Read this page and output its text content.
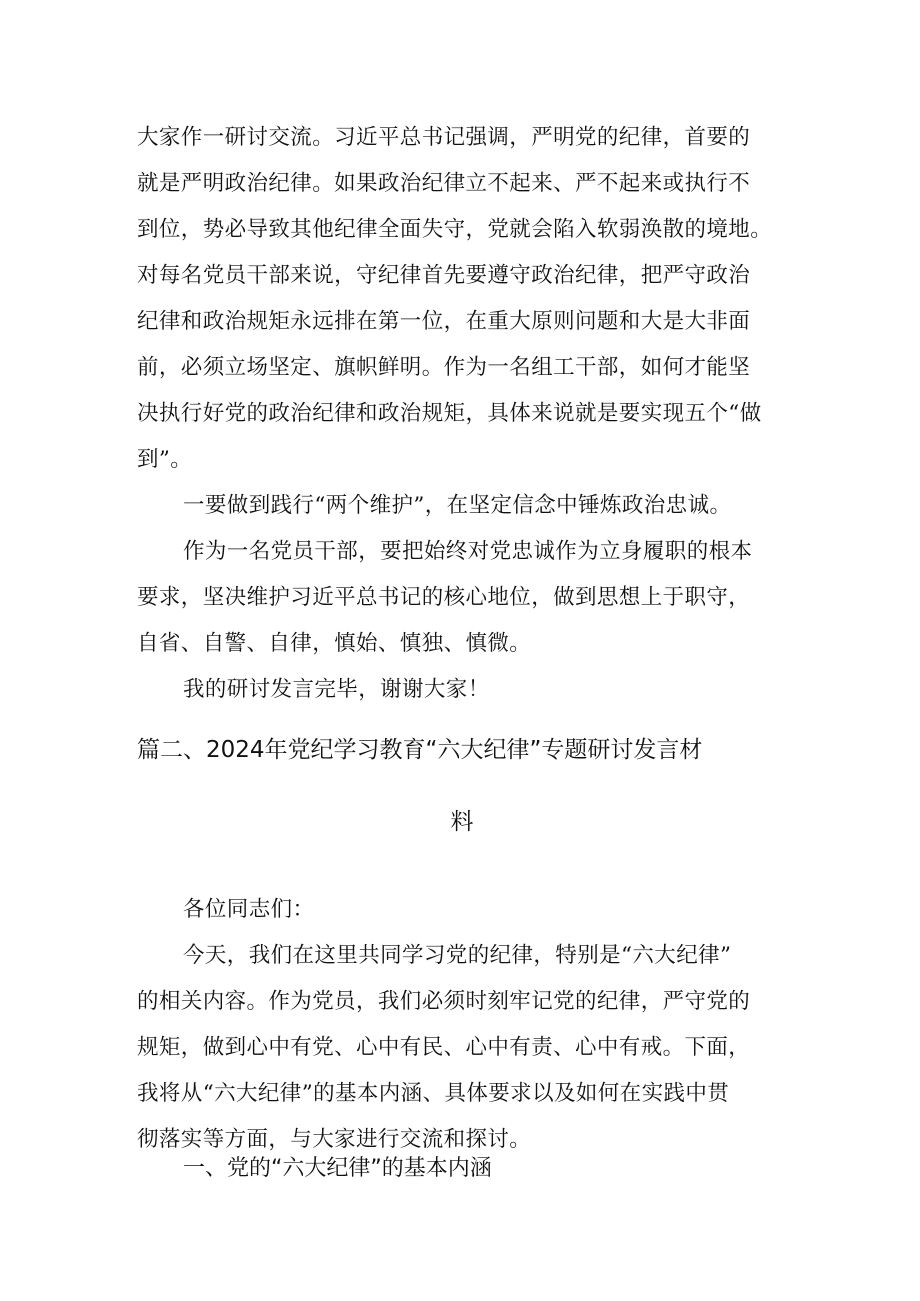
大家作一研讨交流。习近平总书记强调，严明党的纪律，首要的
就是严明政治纪律。如果政治纪律立不起来、严不起来或执行不
到位，势必导致其他纪律全面失守，党就会陷入软弱涣散的境地。
对每名党员干部来说，守纪律首先要遵守政治纪律，把严守政治
纪律和政治规矩永远排在第一位，在重大原则问题和大是大非面
前，必须立场坚定、旗帜鲜明。作为一名组工干部，如何才能坚
决执行好党的政治纪律和政治规矩，具体来说就是要实现五个“做
到”。
一要做到践行“两个维护”，在坚定信念中锤炼政治忠诚。
作为一名党员干部，要把始终对党忠诚作为立身履职的根本
要求，坚决维护习近平总书记的核心地位，做到思想上于职守，
自省、自警、自律，慎始、慎独、慎微。
我的研讨发言完毕，谢谢大家！
篇二、2024年党纪学习教育“六大纪律”专题研讨发言材
料
各位同志们：
今天，我们在这里共同学习党的纪律，特别是“六大纪律”
的相关内容。作为党员，我们必须时刻牢记党的纪律，严守党的
规矩，做到心中有党、心中有民、心中有责、心中有戒。下面，
我将从“六大纪律”的基本内涵、具体要求以及如何在实践中贯
彻落实等方面，与大家进行交流和探讨。
一、党的“六大纪律”的基本内涵
